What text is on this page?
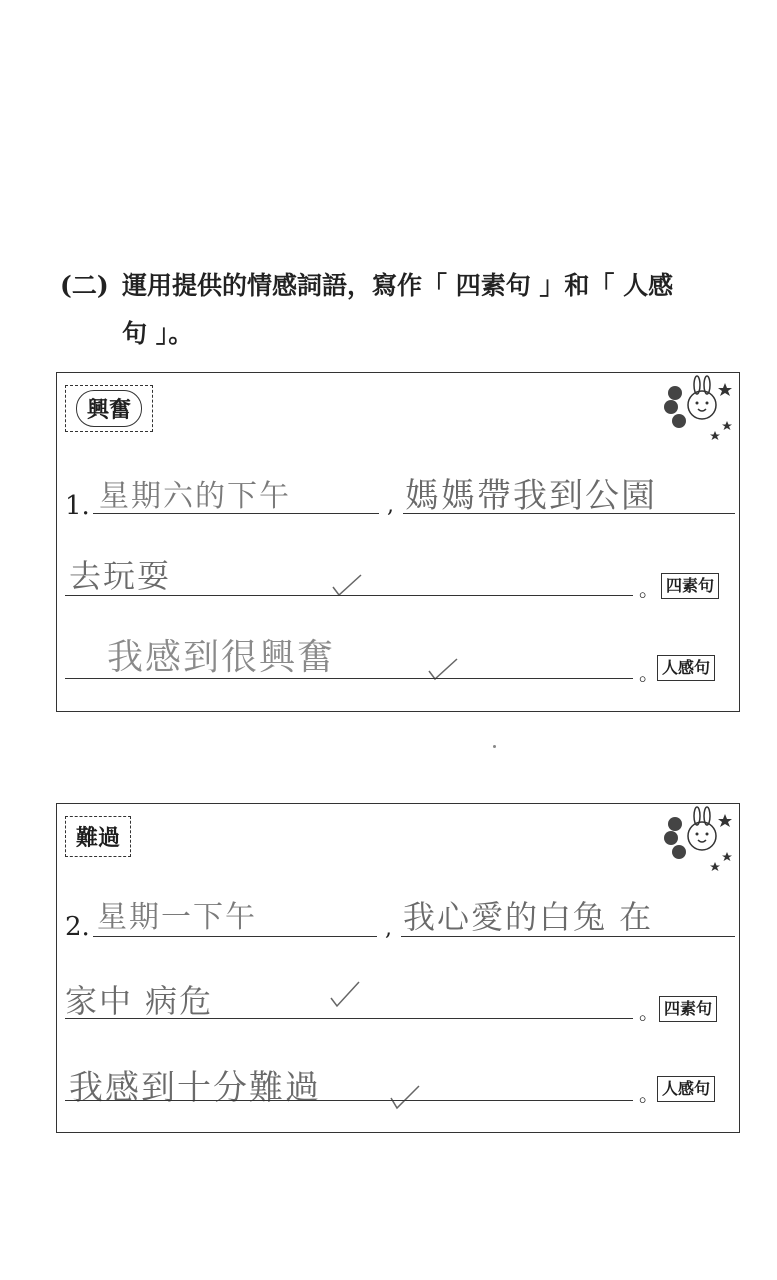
(二) 運用提供的情感詞語，寫作「 四素句 」和「 人感
句 」。
興奮
1. 星期六的下午	, 媽媽帶我到公園
去玩耍	。 四素句
我感到很興奮	。 人感句
難過
2. 星期一下午	, 我心愛的白兔 在
家中 病危	。 四素句
我感到十分難過	。 人感句
